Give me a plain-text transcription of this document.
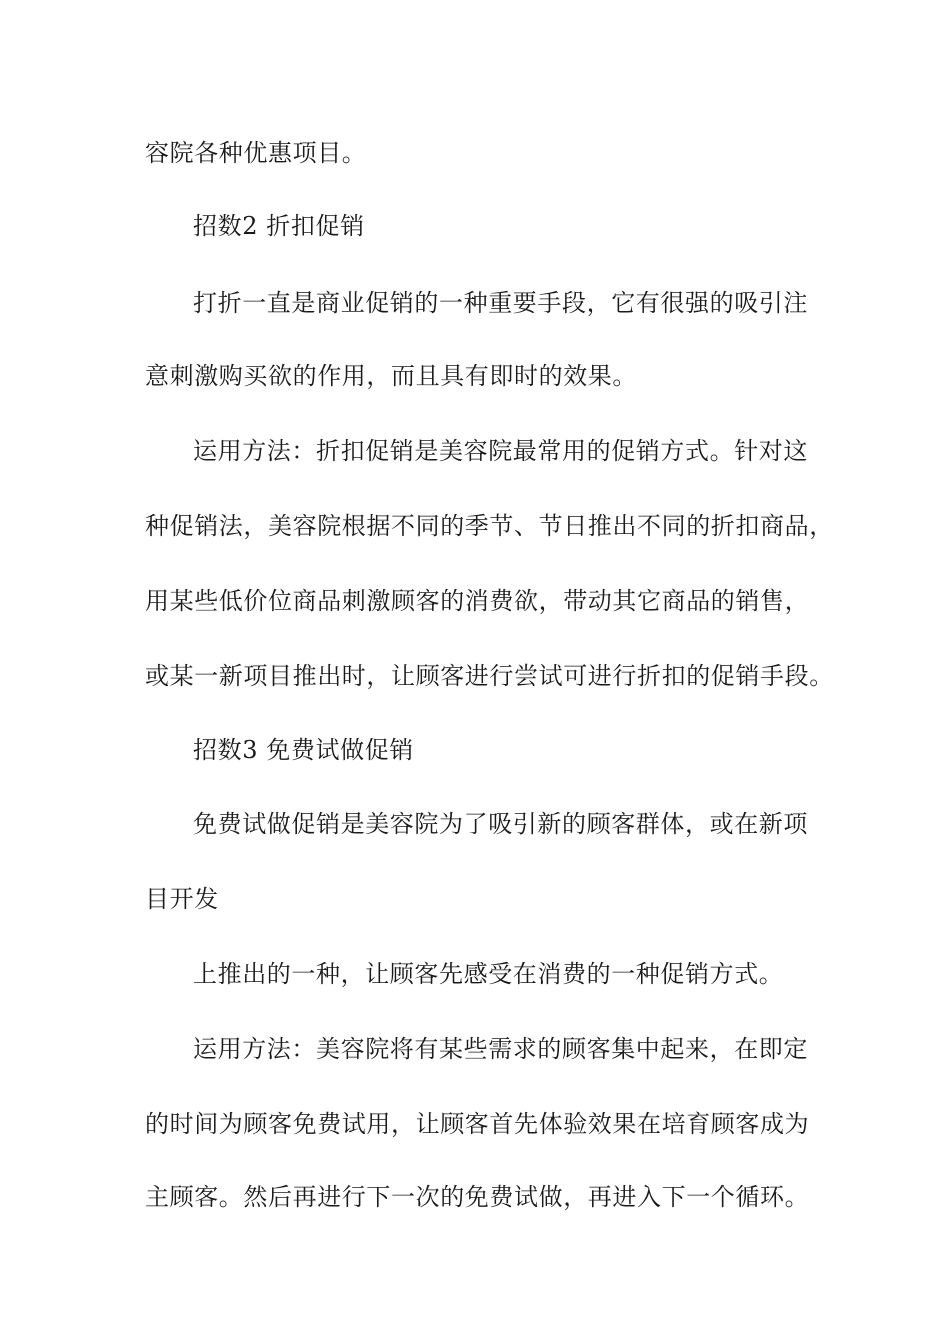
容院各种优惠项目。
招数2 折扣促销
打折一直是商业促销的一种重要手段，它有很强的吸引注
意刺激购买欲的作用，而且具有即时的效果。
运用方法：折扣促销是美容院最常用的促销方式。针对这
种促销法，美容院根据不同的季节、节日推出不同的折扣商品，
用某些低价位商品刺激顾客的消费欲，带动其它商品的销售，
或某一新项目推出时，让顾客进行尝试可进行折扣的促销手段。
招数3 免费试做促销
免费试做促销是美容院为了吸引新的顾客群体，或在新项
目开发
上推出的一种，让顾客先感受在消费的一种促销方式。
运用方法：美容院将有某些需求的顾客集中起来，在即定
的时间为顾客免费试用，让顾客首先体验效果在培育顾客成为
主顾客。然后再进行下一次的免费试做，再进入下一个循环。
